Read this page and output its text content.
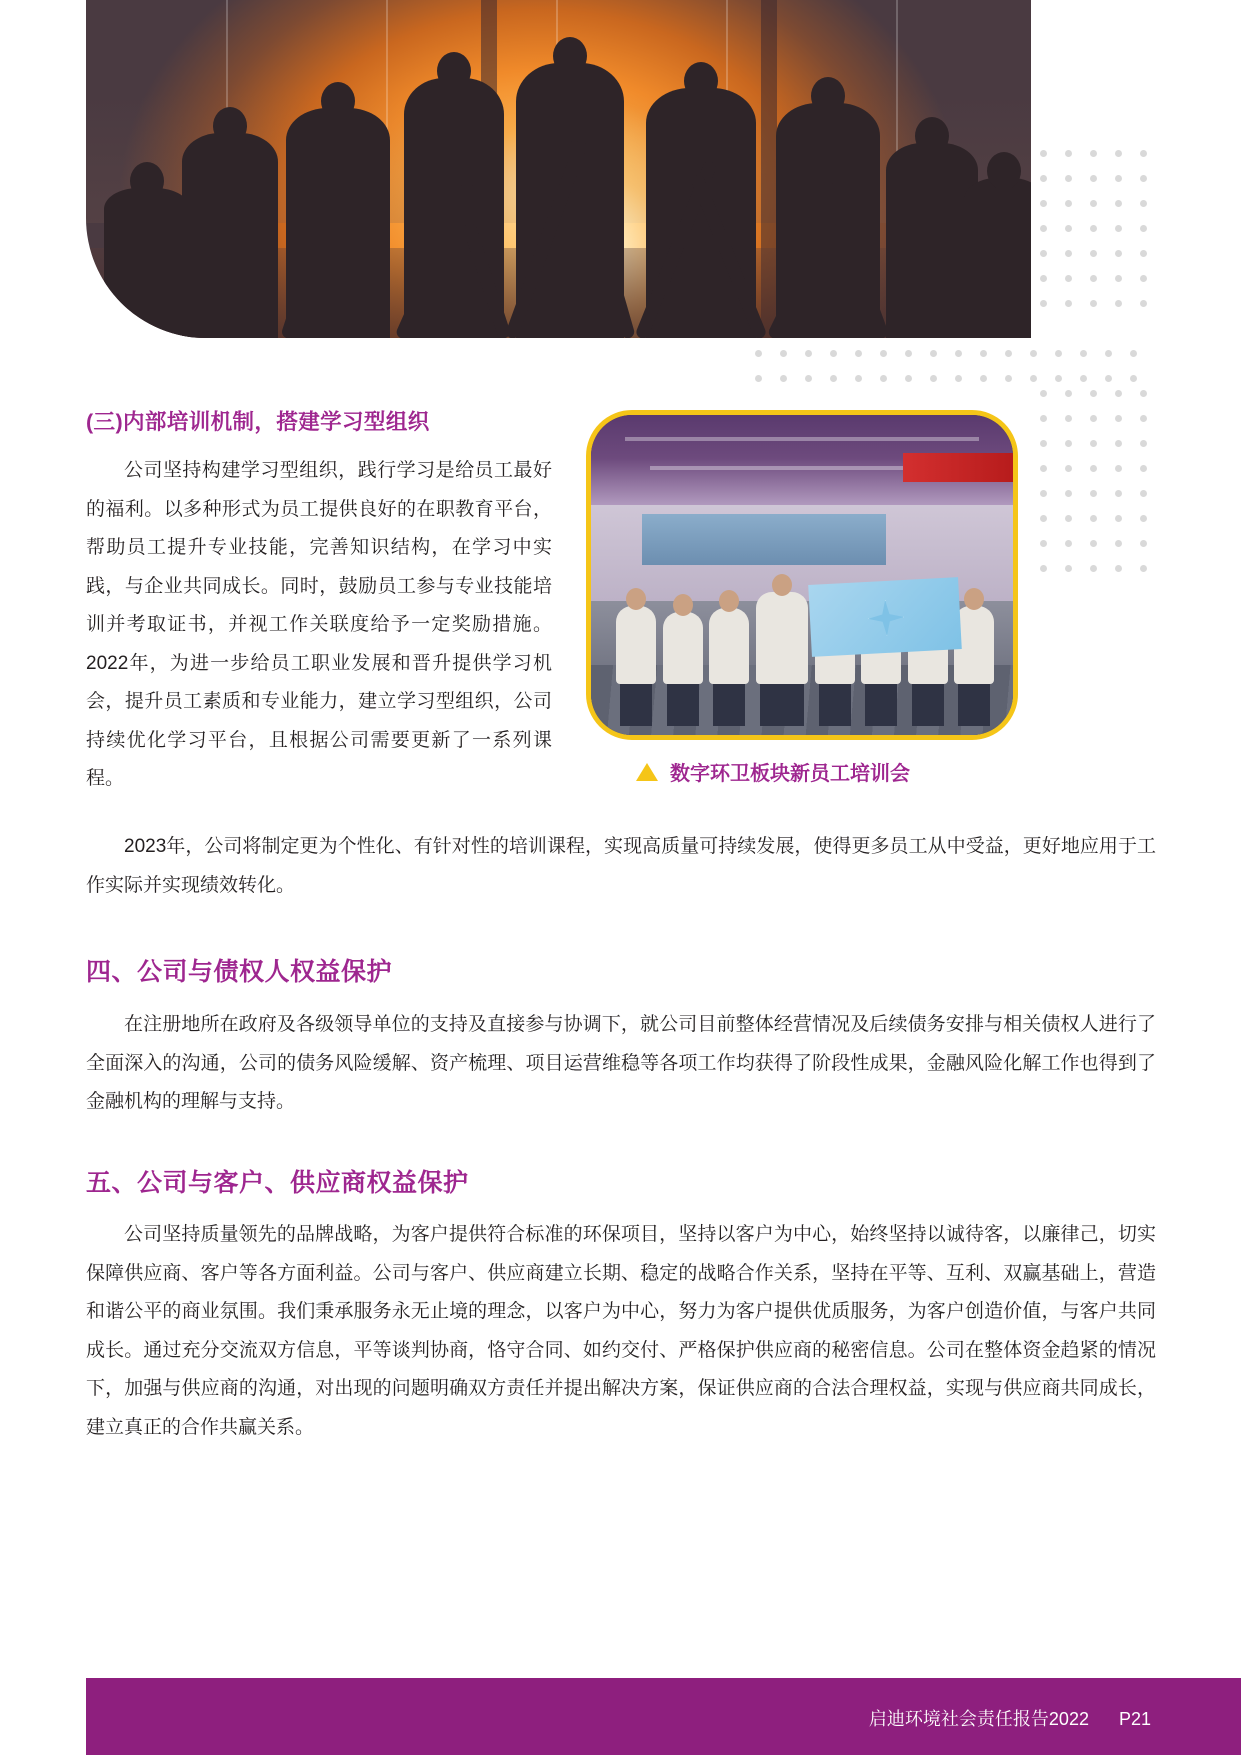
(三)内部培训机制，搭建学习型组织
公司坚持构建学习型组织，践行学习是给员工最好的福利。以多种形式为员工提供良好的在职教育平台，帮助员工提升专业技能，完善知识结构，在学习中实践，与企业共同成长。同时，鼓励员工参与专业技能培训并考取证书，并视工作关联度给予一定奖励措施。2022年，为进一步给员工职业发展和晋升提供学习机会，提升员工素质和专业能力，建立学习型组织，公司持续优化学习平台，且根据公司需要更新了一系列课程。	数字环卫板块新员工培训会
2023年，公司将制定更为个性化、有针对性的培训课程，实现高质量可持续发展，使得更多员工从中受益，更好地应用于工作实际并实现绩效转化。
四、公司与债权人权益保护
在注册地所在政府及各级领导单位的支持及直接参与协调下，就公司目前整体经营情况及后续债务安排与相关债权人进行了全面深入的沟通，公司的债务风险缓解、资产梳理、项目运营维稳等各项工作均获得了阶段性成果，金融风险化解工作也得到了金融机构的理解与支持。
五、公司与客户、供应商权益保护
公司坚持质量领先的品牌战略，为客户提供符合标准的环保项目，坚持以客户为中心，始终坚持以诚待客，以廉律己，切实保障供应商、客户等各方面利益。公司与客户、供应商建立长期、稳定的战略合作关系，坚持在平等、互利、双赢基础上，营造和谐公平的商业氛围。我们秉承服务永无止境的理念，以客户为中心，努力为客户提供优质服务，为客户创造价值，与客户共同成长。通过充分交流双方信息，平等谈判协商，恪守合同、如约交付、严格保护供应商的秘密信息。公司在整体资金趋紧的情况下，加强与供应商的沟通，对出现的问题明确双方责任并提出解决方案，保证供应商的合法合理权益，实现与供应商共同成长，建立真正的合作共赢关系。
启迪环境社会责任报告2022 P21
